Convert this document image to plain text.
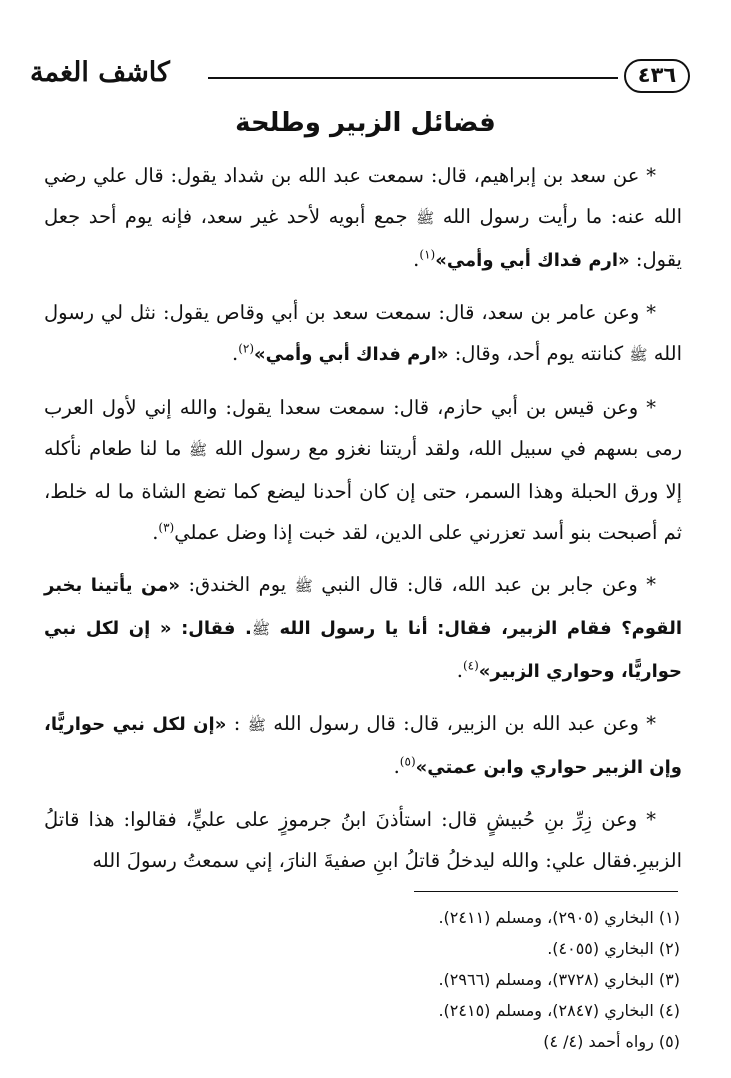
كاشف الغمة	٤٣٦
فضائل الزبير وطلحة

* عن سعد بن إبراهيم، قال: سمعت عبد الله بن شداد يقول: قال علي رضي الله عنه: ما رأيت رسول الله ﷺ جمع أبويه لأحد غير سعد، فإنه يوم أحد جعل يقول: «ارم فداك أبي وأمي»$^{(١)}$.

* وعن عامر بن سعد، قال: سمعت سعد بن أبي وقاص يقول: نثل لي رسول الله ﷺ كنانته يوم أحد، وقال: «ارم فداك أبي وأمي»$^{(٢)}$.

* وعن قيس بن أبي حازم، قال: سمعت سعدا يقول: والله إني لأول العرب رمى بسهم في سبيل الله، ولقد أريتنا نغزو مع رسول الله ﷺ ما لنا طعام نأكله إلا ورق الحبلة وهذا السمر، حتى إن كان أحدنا ليضع كما تضع الشاة ما له خلط، ثم أصبحت بنو أسد تعزرني على الدين، لقد خبت إذا وضل عملي$^{(٣)}$.

* وعن جابر بن عبد الله، قال: قال النبي ﷺ يوم الخندق: «من يأتينا بخبر القوم؟ فقام الزبير، فقال: أنا يا رسول الله ﷺ. فقال: « إن لكل نبي حواريًّا، وحواري الزبير»$^{(٤)}$.

* وعن عبد الله بن الزبير، قال: قال رسول الله ﷺ : «إن لكل نبي حواريًّا، وإن الزبير حواري وابن عمتي»$^{(٥)}$.

* وعن زِرِّ بنِ حُبيشٍ قال: استأذنَ ابنُ جرموزٍ على عليٍّ، فقالوا: هذا قاتلُ الزبيرِ.فقال علي: والله ليدخلُ قاتلُ ابنِ صفيةَ النارَ، إني سمعتُ رسولَ الله

(١) البخاري (٢٩٠٥)، ومسلم (٢٤١١).

(٢) البخاري (٤٠٥٥).

(٣) البخاري (٣٧٢٨)، ومسلم (٢٩٦٦).

(٤) البخاري (٢٨٤٧)، ومسلم (٢٤١٥).

(٥) رواه أحمد (٤/ ٤)
